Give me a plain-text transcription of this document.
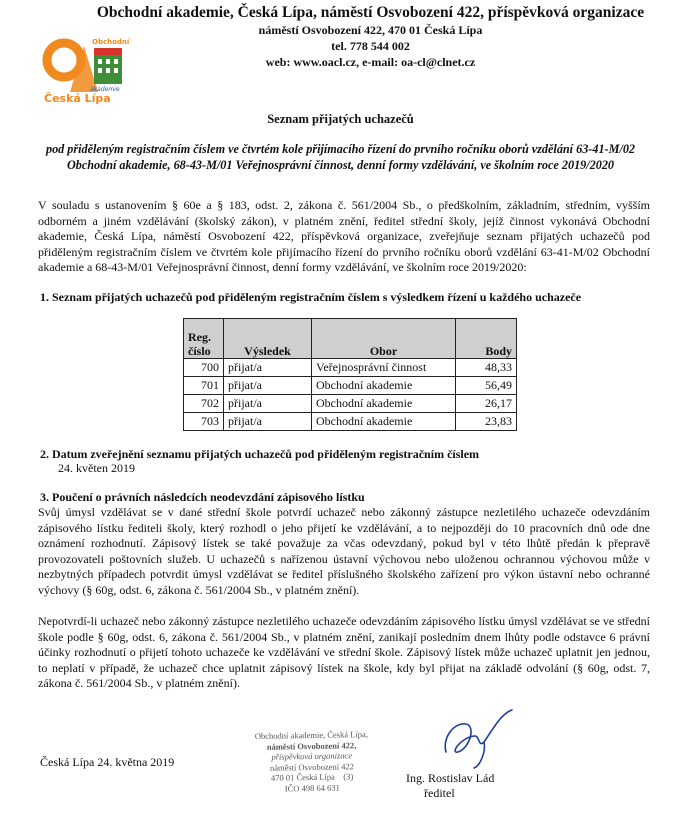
Obchodní akademie, Česká Lípa, náměstí Osvobození 422, příspěvková organizace
náměstí Osvobození 422, 470 01 Česká Lípa
tel. 778 544 002
web: www.oacl.cz, e-mail: oa-cl@clnet.cz
Obchodní
akademie
Česká Lípa
Seznam přijatých uchazečů
pod přiděleným registračním číslem ve čtvrtém kole přijímacího řízení do prvního ročníku oborů vzdělání 63-41-M/02 Obchodní akademie, 68-43-M/01 Veřejnosprávní činnost, denní formy vzdělávání, ve školním roce 2019/2020
V souladu s ustanovením § 60e a § 183, odst. 2, zákona č. 561/2004 Sb., o předškolním, základním, středním, vyšším odborném a jiném vzdělávání (školský zákon), v platném znění, ředitel střední školy, jejíž činnost vykonává Obchodní akademie, Česká Lípa, náměstí Osvobození 422, příspěvková organizace, zveřejňuje seznam přijatých uchazečů pod přiděleným registračním číslem ve čtvrtém kole přijímacího řízení do prvního ročníku oborů vzdělání 63-41-M/02 Obchodní akademie a 68-43-M/01 Veřejnosprávní činnost, denní formy vzdělávání, ve školním roce 2019/2020:
1. Seznam přijatých uchazečů pod přiděleným registračním číslem s výsledkem řízení u každého uchazeče
Reg. číslo	Výsledek	Obor	Body
700	přijat/a	Veřejnosprávní činnost	48,33
701	přijat/a	Obchodní akademie	56,49
702	přijat/a	Obchodní akademie	26,17
703	přijat/a	Obchodní akademie	23,83
2. Datum zveřejnění seznamu přijatých uchazečů pod přiděleným registračním číslem
24. květen 2019
3. Poučení o právních následcích neodevzdání zápisového lístku
Svůj úmysl vzdělávat se v dané střední škole potvrdí uchazeč nebo zákonný zástupce nezletilého uchazeče odevzdáním zápisového lístku řediteli školy, který rozhodl o jeho přijetí ke vzdělávání, a to nejpozději do 10 pracovních dnů ode dne oznámení rozhodnutí. Zápisový lístek se také považuje za včas odevzdaný, pokud byl v této lhůtě předán k přepravě provozovateli poštovních služeb. U uchazečů s nařízenou ústavní výchovou nebo uloženou ochrannou výchovou může v nezbytných případech potvrdit úmysl vzdělávat se ředitel příslušného školského zařízení pro výkon ústavní nebo ochranné výchovy (§ 60g, odst. 6, zákona č. 561/2004 Sb., v platném znění).
Nepotvrdí-li uchazeč nebo zákonný zástupce nezletilého uchazeče odevzdáním zápisového lístku úmysl vzdělávat se ve střední škole podle § 60g, odst. 6, zákona č. 561/2004 Sb., v platném znění, zanikají posledním dnem lhůty podle odstavce 6 právní účinky rozhodnutí o přijetí tohoto uchazeče ke vzdělávání ve střední škole. Zápisový lístek může uchazeč uplatnit jen jednou, to neplatí v případě, že uchazeč chce uplatnit zápisový lístek na škole, kdy byl přijat na základě odvolání (§ 60g, odst. 7, zákona č. 561/2004 Sb., v platném znění).
Česká Lípa 24. května 2019
Obchodní akademie, Česká Lípa,
náměstí Osvobození 422,
příspěvková organizace
náměstí Osvobození 422
470 01 Česká Lípa (3)
IČO 498 64 631
Ing. Rostislav Lád
ředitel
